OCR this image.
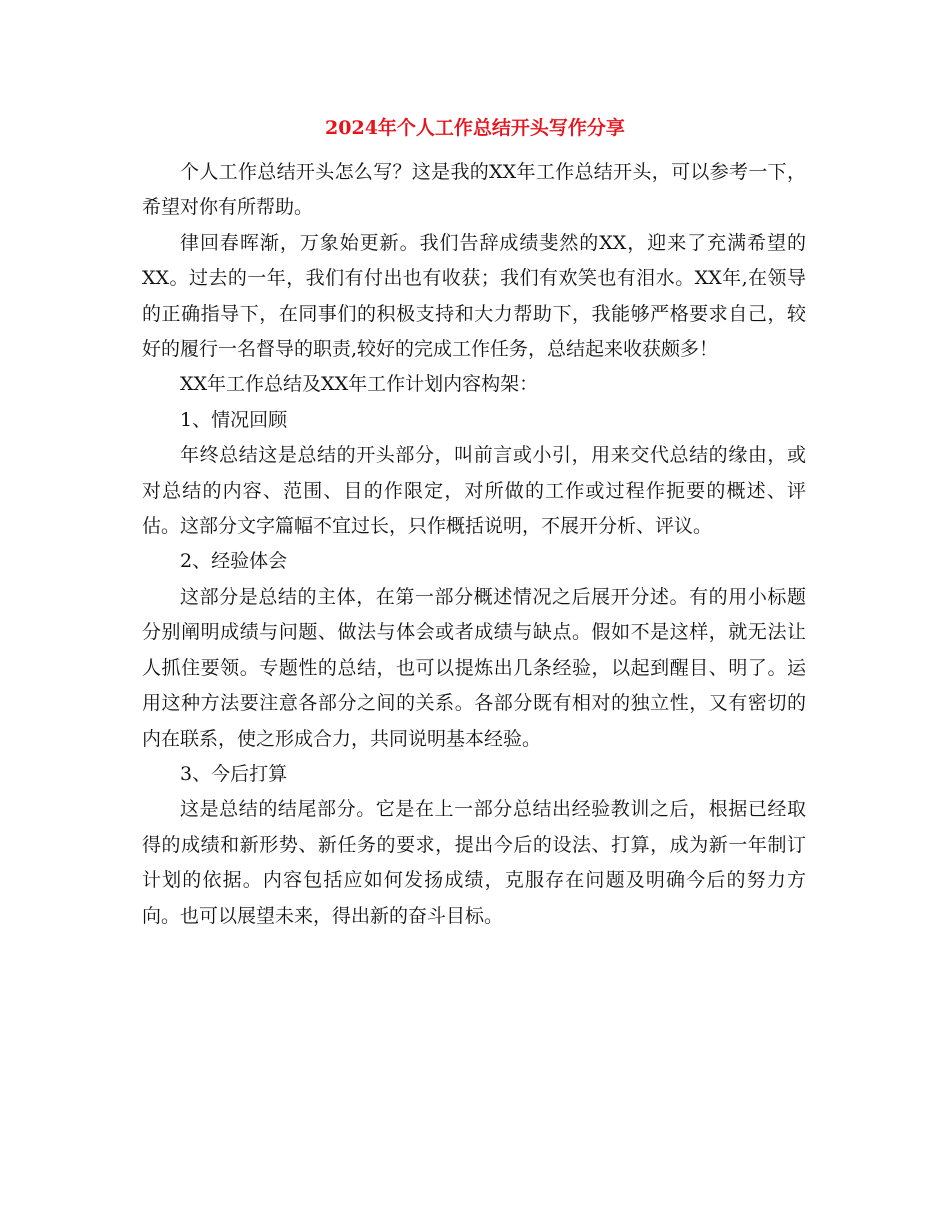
2024年个人工作总结开头写作分享

个人工作总结开头怎么写？这是我的XX年工作总结开头，可以参考一下，希望对你有所帮助。

律回春晖渐，万象始更新。我们告辞成绩斐然的XX，迎来了充满希望的XX。过去的一年，我们有付出也有收获；我们有欢笑也有泪水。XX年,在领导的正确指导下，在同事们的积极支持和大力帮助下，我能够严格要求自己，较好的履行一名督导的职责,较好的完成工作任务，总结起来收获颇多！

XX年工作总结及XX年工作计划内容构架：

1、情况回顾

年终总结这是总结的开头部分，叫前言或小引，用来交代总结的缘由，或对总结的内容、范围、目的作限定，对所做的工作或过程作扼要的概述、评估。这部分文字篇幅不宜过长，只作概括说明，不展开分析、评议。

2、经验体会

这部分是总结的主体，在第一部分概述情况之后展开分述。有的用小标题分别阐明成绩与问题、做法与体会或者成绩与缺点。假如不是这样，就无法让人抓住要领。专题性的总结，也可以提炼出几条经验，以起到醒目、明了。运用这种方法要注意各部分之间的关系。各部分既有相对的独立性，又有密切的内在联系，使之形成合力，共同说明基本经验。

3、今后打算

这是总结的结尾部分。它是在上一部分总结出经验教训之后，根据已经取得的成绩和新形势、新任务的要求，提出今后的设法、打算，成为新一年制订计划的依据。内容包括应如何发扬成绩，克服存在问题及明确今后的努力方向。也可以展望未来，得出新的奋斗目标。
